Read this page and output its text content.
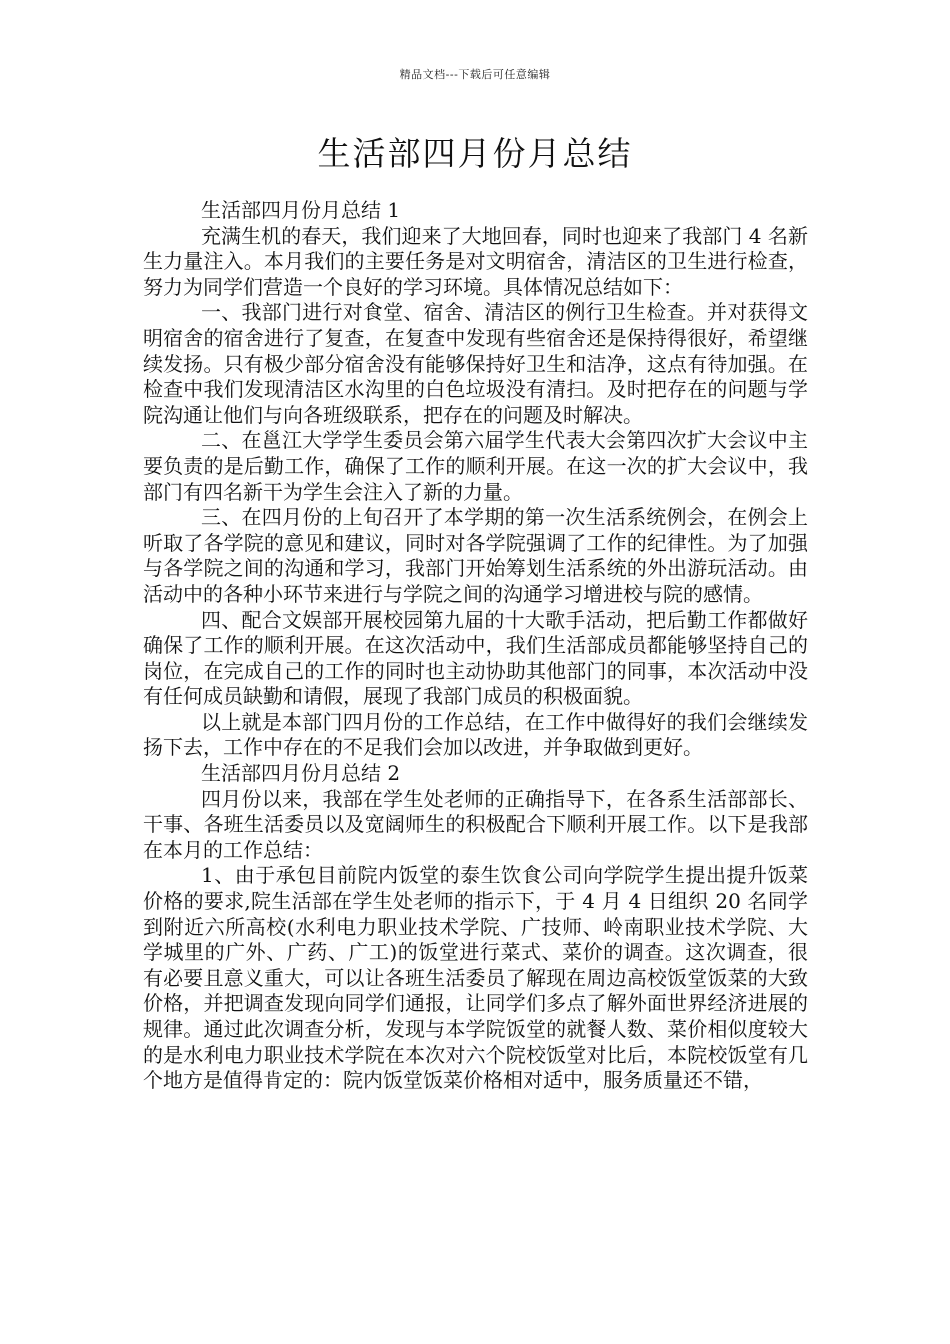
精品文档---下载后可任意编辑
生活部四月份月总结

生活部四月份月总结 1

充满生机的春天，我们迎来了大地回春，同时也迎来了我部门 4 名新生力量注入。本月我们的主要任务是对文明宿舍，清洁区的卫生进行检查，努力为同学们营造一个良好的学习环境。具体情况总结如下：

一、我部门进行对食堂、宿舍、清洁区的例行卫生检查。并对获得文明宿舍的宿舍进行了复查，在复查中发现有些宿舍还是保持得很好，希望继续发扬。只有极少部分宿舍没有能够保持好卫生和洁净，这点有待加强。在检查中我们发现清洁区水沟里的白色垃圾没有清扫。及时把存在的问题与学院沟通让他们与向各班级联系，把存在的问题及时解决。

二、在邕江大学学生委员会第六届学生代表大会第四次扩大会议中主要负责的是后勤工作，确保了工作的顺利开展。在这一次的扩大会议中，我部门有四名新干为学生会注入了新的力量。

三、在四月份的上旬召开了本学期的第一次生活系统例会，在例会上听取了各学院的意见和建议，同时对各学院强调了工作的纪律性。为了加强与各学院之间的沟通和学习，我部门开始筹划生活系统的外出游玩活动。由活动中的各种小环节来进行与学院之间的沟通学习增进校与院的感情。

四、配合文娱部开展校园第九届的十大歌手活动，把后勤工作都做好确保了工作的顺利开展。在这次活动中，我们生活部成员都能够坚持自己的岗位，在完成自己的工作的同时也主动协助其他部门的同事，本次活动中没有任何成员缺勤和请假，展现了我部门成员的积极面貌。

以上就是本部门四月份的工作总结，在工作中做得好的我们会继续发扬下去，工作中存在的不足我们会加以改进，并争取做到更好。

生活部四月份月总结 2

四月份以来，我部在学生处老师的正确指导下，在各系生活部部长、干事、各班生活委员以及宽阔师生的积极配合下顺利开展工作。以下是我部在本月的工作总结：

1、由于承包目前院内饭堂的泰生饮食公司向学院学生提出提升饭菜价格的要求,院生活部在学生处老师的指示下，于 4 月 4 日组织 20 名同学到附近六所高校(水利电力职业技术学院、广技师、岭南职业技术学院、大学城里的广外、广药、广工)的饭堂进行菜式、菜价的调查。这次调查，很有必要且意义重大，可以让各班生活委员了解现在周边高校饭堂饭菜的大致价格，并把调查发现向同学们通报，让同学们多点了解外面世界经济进展的规律。通过此次调查分析，发现与本学院饭堂的就餐人数、菜价相似度较大的是水利电力职业技术学院在本次对六个院校饭堂对比后，本院校饭堂有几个地方是值得肯定的：院内饭堂饭菜价格相对适中，服务质量还不错，
